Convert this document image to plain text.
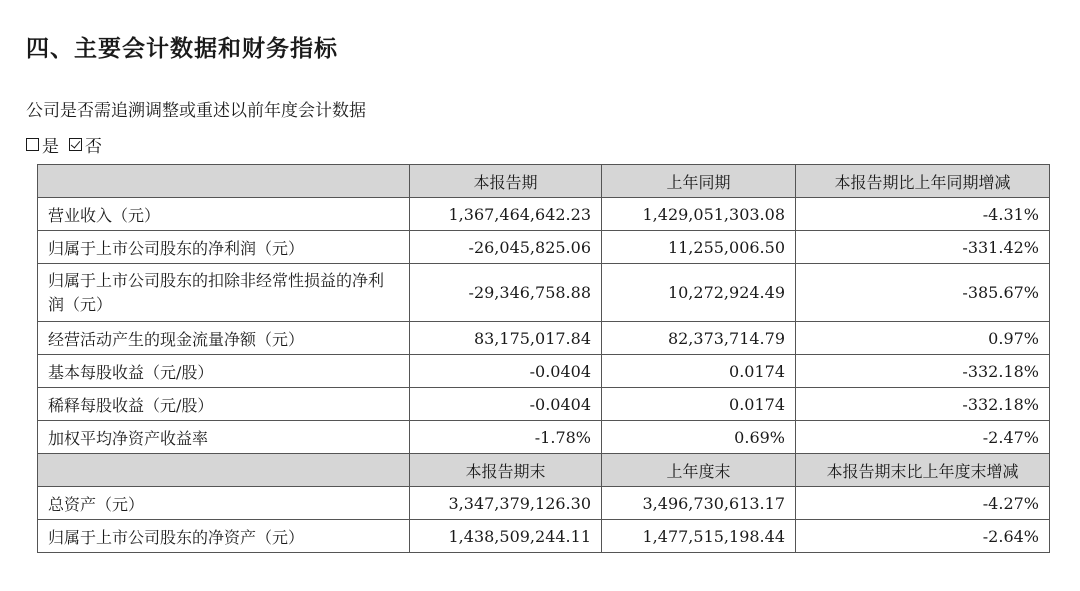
四、主要会计数据和财务指标
公司是否需追溯调整或重述以前年度会计数据
是 否
	本报告期	上年同期	本报告期比上年同期增减
营业收入（元）	1,367,464,642.23	1,429,051,303.08	-4.31%
归属于上市公司股东的净利润（元）	-26,045,825.06	11,255,006.50	-331.42%
归属于上市公司股东的扣除非经常性损益的净利润（元）	-29,346,758.88	10,272,924.49	-385.67%
经营活动产生的现金流量净额（元）	83,175,017.84	82,373,714.79	0.97%
基本每股收益（元/股）	-0.0404	0.0174	-332.18%
稀释每股收益（元/股）	-0.0404	0.0174	-332.18%
加权平均净资产收益率	-1.78%	0.69%	-2.47%
	本报告期末	上年度末	本报告期末比上年度末增减
总资产（元）	3,347,379,126.30	3,496,730,613.17	-4.27%
归属于上市公司股东的净资产（元）	1,438,509,244.11	1,477,515,198.44	-2.64%
